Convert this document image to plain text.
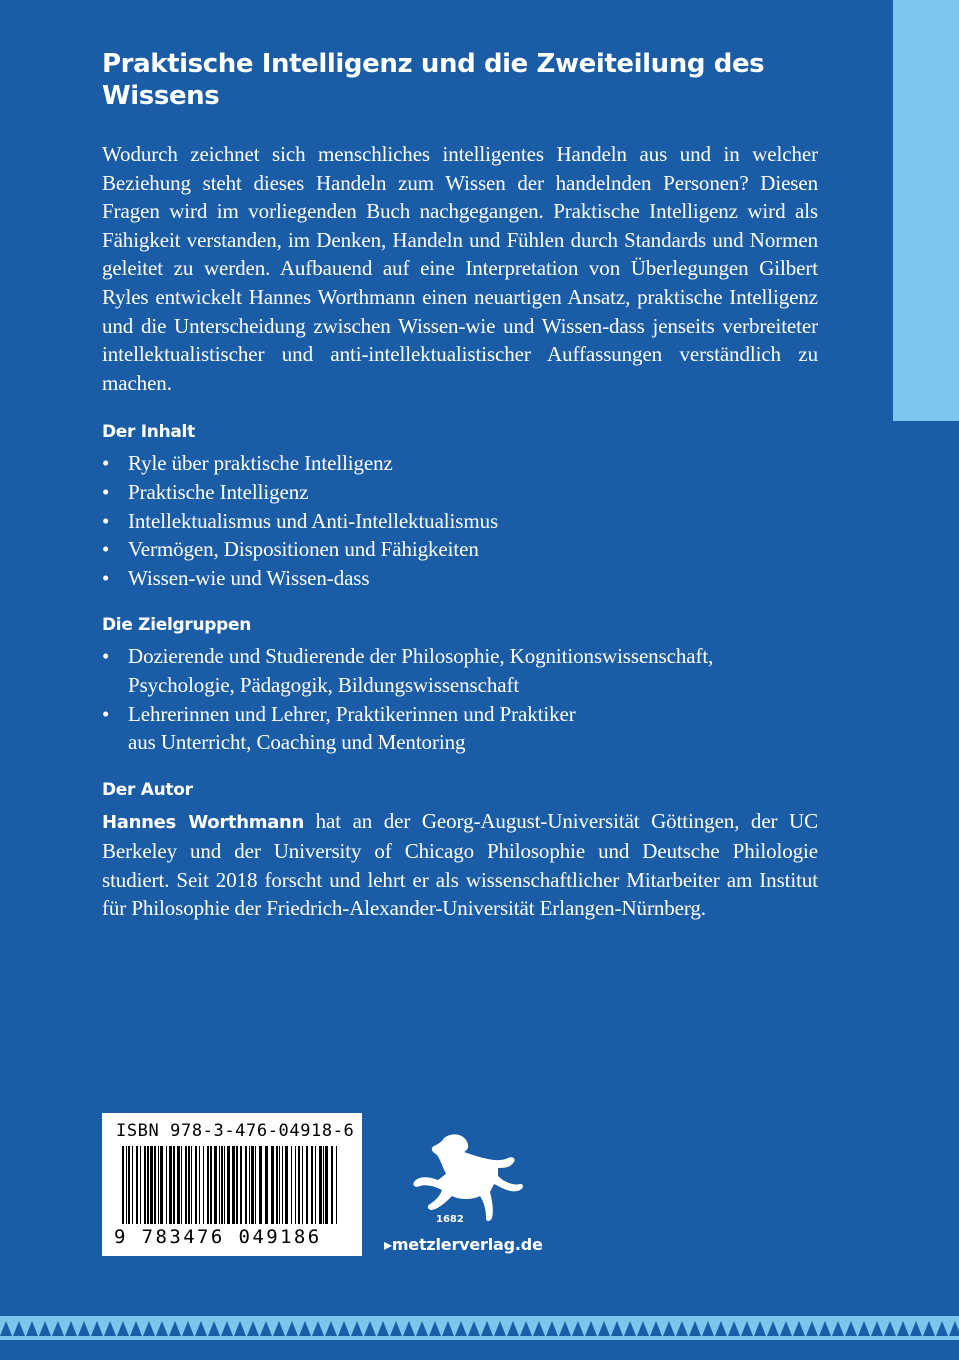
Praktische Intelligenz und die Zweiteilung des Wissens

Wodurch zeichnet sich menschliches intelligentes Handeln aus und in welcher Beziehung steht dieses Handeln zum Wissen der handelnden Personen? Diesen Fragen wird im vorliegenden Buch nachgegangen. Praktische Intelligenz wird als Fähigkeit verstanden, im Denken, Handeln und Fühlen durch Standards und Normen geleitet zu werden. Aufbauend auf eine Interpretation von Überlegungen Gilbert Ryles entwickelt Hannes Worthmann einen neuartigen Ansatz, praktische Intelligenz und die Unterscheidung zwischen Wissen-wie und Wissen-dass jenseits verbreiteter intellektualistischer und anti-intellektualistischer Auffassungen verständlich zu machen.

Der Inhalt
• Ryle über praktische Intelligenz
• Praktische Intelligenz
• Intellektualismus und Anti-Intellektualismus
• Vermögen, Dispositionen und Fähigkeiten
• Wissen-wie und Wissen-dass
Die Zielgruppen
• Dozierende und Studierende der Philosophie, Kognitionswissenschaft,
Psychologie, Pädagogik, Bildungswissenschaft
• Lehrerinnen und Lehrer, Praktikerinnen und Praktiker
aus Unterricht, Coaching und Mentoring
Der Autor

Hannes Worthmann hat an der Georg-August-Universität Göttingen, der UC Berkeley und der University of Chicago Philosophie und Deutsche Philologie studiert. Seit 2018 forscht und lehrt er als wissenschaftlicher Mitarbeiter am Institut für Philosophie der Friedrich-Alexander-Universität Erlangen-Nürnberg.

ISBN 978-3-476-04918-6
9 783476 049186
1682
▸metzlerverlag.de
